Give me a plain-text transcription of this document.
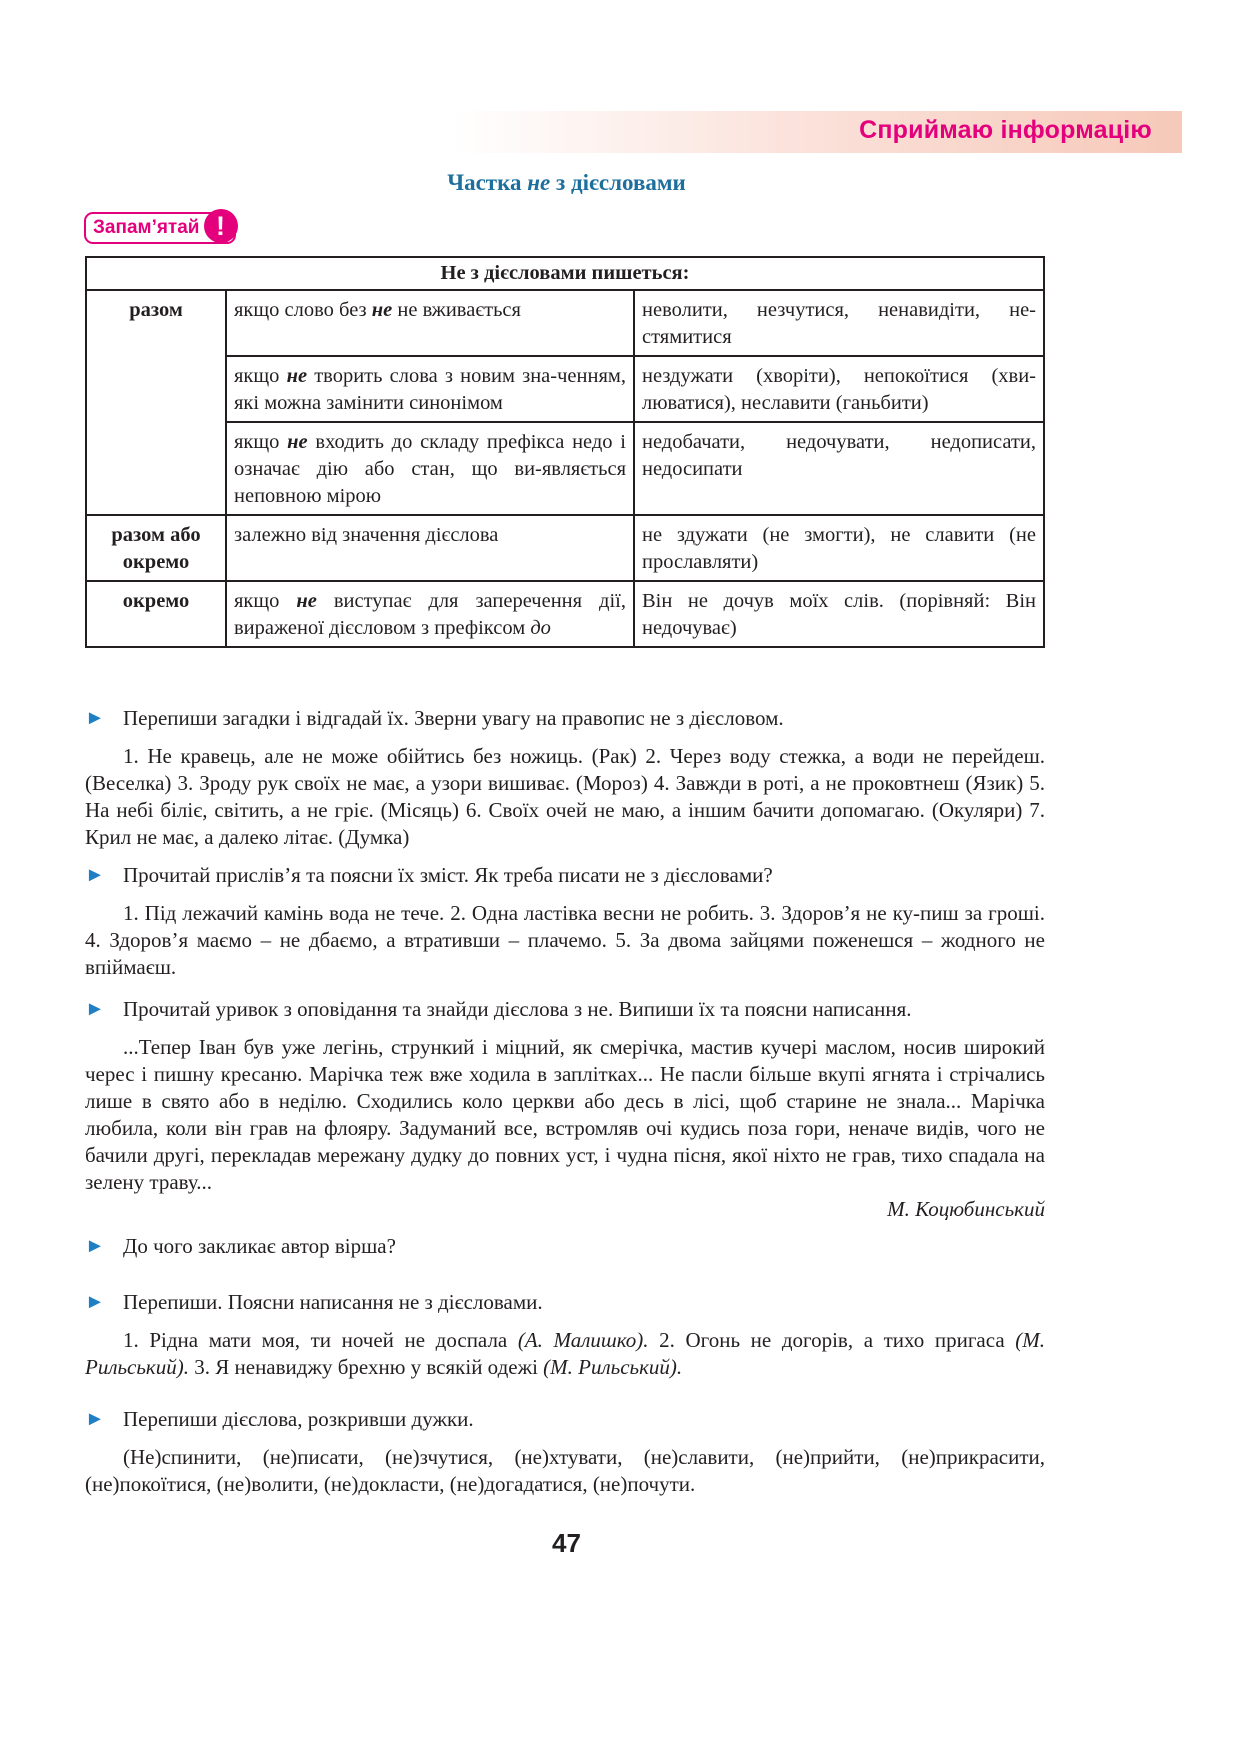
Сприймаю інформацію
Частка не з дієсловами
Запам’ятай !
Не з дієсловами пишеться:		
разом	якщо слово без не не вживається	неволити, незчутися, ненавидіти, не-стямитися
	якщо не творить слова з новим зна-ченням, які можна замінити синонімом	нездужати (хворіти), непокоїтися (хви-люватися), неславити (ганьбити)
	якщо не входить до складу префікса недо і означає дію або стан, що ви-являється неповною мірою	недобачати, недочувати, недописати, недосипати
разом або окремо	залежно від значення дієслова	не здужати (не змогти), не славити (не прославляти)
окремо	якщо не виступає для заперечення дії, вираженої дієсловом з префіксом до	Він не дочув моїх слів. (порівняй: Він недочуває)

► Перепиши загадки і відгадай їх. Зверни увагу на правопис не з дієсловом.

1. Не кравець, але не може обійтись без ножиць. (Рак) 2. Через воду стежка, а води не перейдеш. (Веселка) 3. Зроду рук своїх не має, а узори вишиває. (Мороз) 4. Завжди в роті, а не проковтнеш (Язик) 5. На небі біліє, світить, а не гріє. (Місяць) 6. Своїх очей не маю, а іншим бачити допомагаю. (Окуляри) 7. Крил не має, а далеко літає. (Думка)

► Прочитай прислів’я та поясни їх зміст. Як треба писати не з дієсловами?

1. Під лежачий камінь вода не тече. 2. Одна ластівка весни не робить. 3. Здоров’я не ку-пиш за гроші. 4. Здоров’я маємо – не дбаємо, а втративши – плачемо. 5. За двома зайцями поженешся – жодного не впіймаєш.

► Прочитай уривок з оповідання та знайди дієслова з не. Випиши їх та поясни написання.

...Тепер Іван був уже легінь, стрункий і міцний, як смерічка, мастив кучері маслом, носив широкий черес і пишну кресаню. Марічка теж вже ходила в заплітках... Не пасли більше вкупі ягнята і стрічались лише в свято або в неділю. Сходились коло церкви або десь в лісі, щоб старине не знала... Марічка любила, коли він грав на флояру. Задуманий все, встромляв очі кудись поза гори, неначе видів, чого не бачили другі, перекладав мережану дудку до повних уст, і чудна пісня, якої ніхто не грав, тихо спадала на зелену траву...

М. Коцюбинський

► До чого закликає автор вірша?

► Перепиши. Поясни написання не з дієсловами.

1. Рідна мати моя, ти ночей не доспала (А. Малишко). 2. Огонь не догорів, а тихо пригаса (М. Рильський). 3. Я ненавиджу брехню у всякій одежі (М. Рильський).

► Перепиши дієслова, розкривши дужки.

(Не)спинити, (не)писати, (не)зчутися, (не)хтувати, (не)славити, (не)прийти, (не)прикрасити, (не)покоїтися, (не)волити, (не)докласти, (не)догадатися, (не)почути.

47
